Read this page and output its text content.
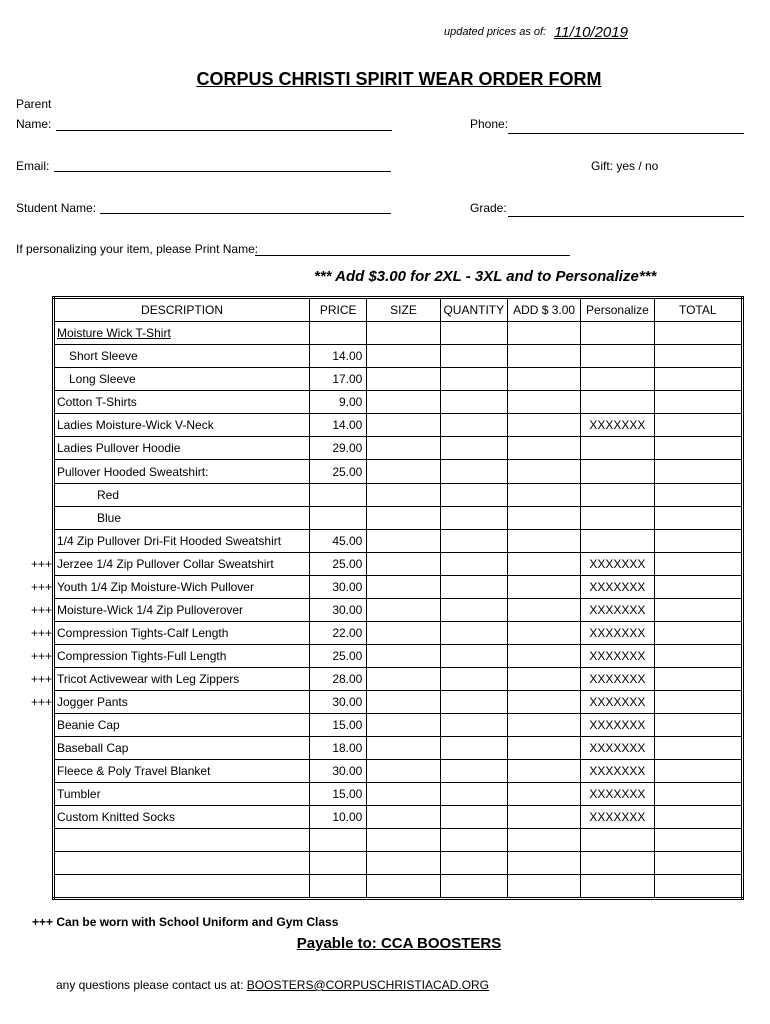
updated prices as of: 11/10/2019
CORPUS CHRISTI SPIRIT WEAR ORDER FORM
Parent
Name:	Phone:
Email:	Gift: yes / no
Student Name:	Grade:
If personalizing your item, please Print Name:
*** Add $3.00 for 2XL - 3XL and to Personalize***
DESCRIPTION	PRICE	SIZE	QUANTITY	ADD $ 3.00	Personalize	TOTAL
Moisture Wick T-Shirt						
Short Sleeve	14.00					
Long Sleeve	17.00					
Cotton T-Shirts	9.00					
Ladies Moisture-Wick V-Neck	14.00				XXXXXXX	
Ladies Pullover Hoodie	29.00					
Pullover Hooded Sweatshirt:	25.00					
Red						
Blue						
1/4 Zip Pullover Dri-Fit Hooded Sweatshirt	45.00					

+++ Jerzee 1/4 Zip Pullover Collar Sweatshirt	25.00				XXXXXXX	

+++ Youth 1/4 Zip Moisture-Wich Pullover	30.00				XXXXXXX	

+++ Moisture-Wick 1/4 Zip Pulloverover	30.00				XXXXXXX	

+++ Compression Tights-Calf Length	22.00				XXXXXXX	

+++ Compression Tights-Full Length	25.00				XXXXXXX	

+++ Tricot Activewear with Leg Zippers	28.00				XXXXXXX	

+++ Jogger Pants	30.00				XXXXXXX	
Beanie Cap	15.00				XXXXXXX	
Baseball Cap	18.00				XXXXXXX	
Fleece & Poly Travel Blanket	30.00				XXXXXXX	
Tumbler	15.00				XXXXXXX	
Custom Knitted Socks	10.00				XXXXXXX	

+++ Can be worn with School Uniform and Gym Class
Payable to: CCA BOOSTERS
any questions please contact us at: BOOSTERS@CORPUSCHRISTIACAD.ORG
